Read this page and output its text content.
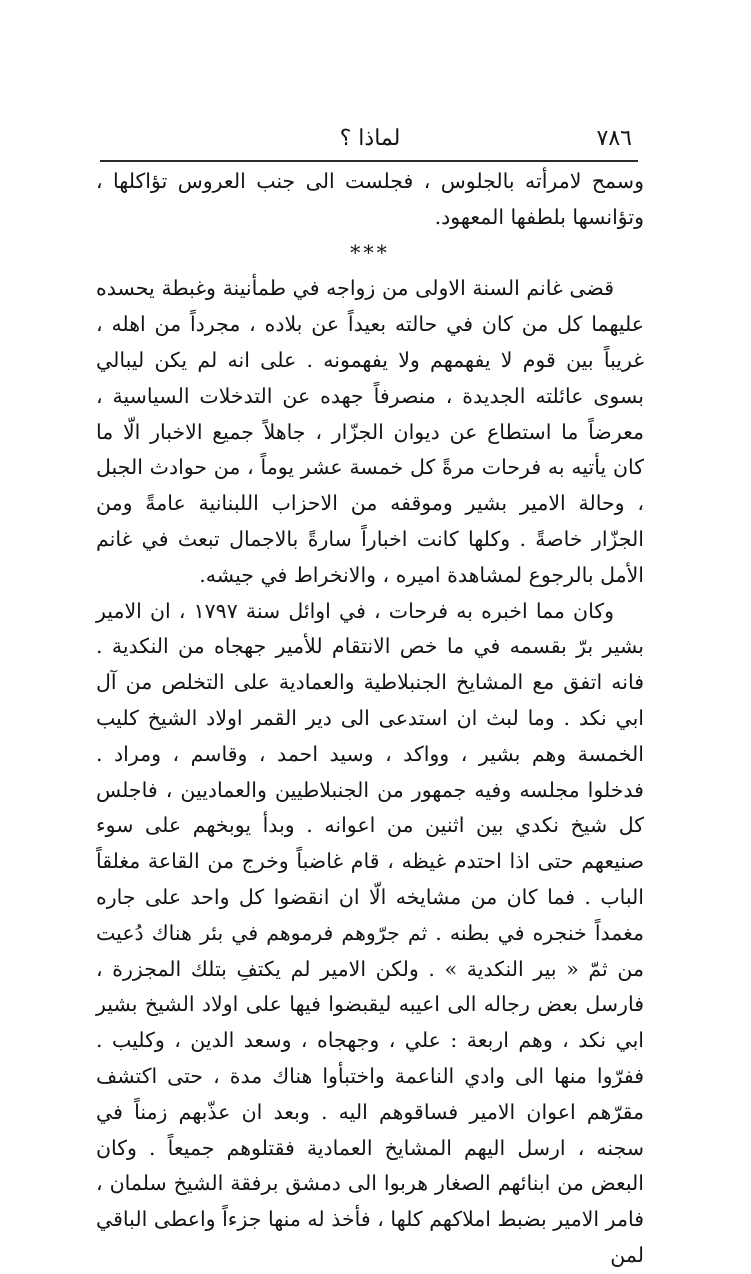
٧٨٦
لماذا ؟

وسمح لامرأته بالجلوس ، فجلست الى جنب العروس تؤاكلها ، وتؤانسها بلطفها المعهود.

***

قضى غانم السنة الاولى من زواجه في طمأنينة وغبطة يحسده عليهما كل من كان في حالته بعيداً عن بلاده ، مجرداً من اهله ، غريباً بين قوم لا يفهمهم ولا يفهمونه . على انه لم يكن ليبالي بسوى عائلته الجديدة ، منصرفاً جهده عن التدخلات السياسية ، معرضاً ما استطاع عن ديوان الجزّار ، جاهلاً جميع الاخبار الّا ما كان يأتيه به فرحات مرةً كل خمسة عشر يوماً ، من حوادث الجبل ، وحالة الامير بشير وموقفه من الاحزاب اللبنانية عامةً ومن الجزّار خاصةً . وكلها كانت اخباراً سارةً بالاجمال تبعث في غانم الأمل بالرجوع لمشاهدة اميره ، والانخراط في جيشه.

وكان مما اخبره به فرحات ، في اوائل سنة ١٧٩٧ ، ان الامير بشير برّ بقسمه في ما خص الانتقام للأمير جهجاه من النكدية . فانه اتفق مع المشايخ الجنبلاطية والعمادية على التخلص من آل ابي نكد . وما لبث ان استدعى الى دير القمر اولاد الشيخ كليب الخمسة وهم بشير ، وواكد ، وسيد احمد ، وقاسم ، ومراد . فدخلوا مجلسه وفيه جمهور من الجنبلاطيين والعماديين ، فاجلس كل شيخ نكدي بين اثنين من اعوانه . وبدأ يوبخهم على سوء صنيعهم حتى اذا احتدم غيظه ، قام غاضباً وخرج من القاعة مغلقاً الباب . فما كان من مشايخه الّا ان انقضوا كل واحد على جاره مغمداً خنجره في بطنه . ثم جرّوهم فرموهم في بئر هناك دُعيت من ثمّ « بير النكدية » . ولكن الامير لم يكتفِ بتلك المجزرة ، فارسل بعض رجاله الى اعيبه ليقبضوا فيها على اولاد الشيخ بشير ابي نكد ، وهم اربعة : علي ، وجهجاه ، وسعد الدين ، وكليب . ففرّوا منها الى وادي الناعمة واختبأوا هناك مدة ، حتى اكتشف مقرّهم اعوان الامير فساقوهم اليه . وبعد ان عذّبهم زمناً في سجنه ، ارسل اليهم المشايخ العمادية فقتلوهم جميعاً . وكان البعض من ابنائهم الصغار هربوا الى دمشق برفقة الشيخ سلمان ، فامر الامير بضبط املاكهم كلها ، فأخذ له منها جزءاً واعطى الباقي لمن
